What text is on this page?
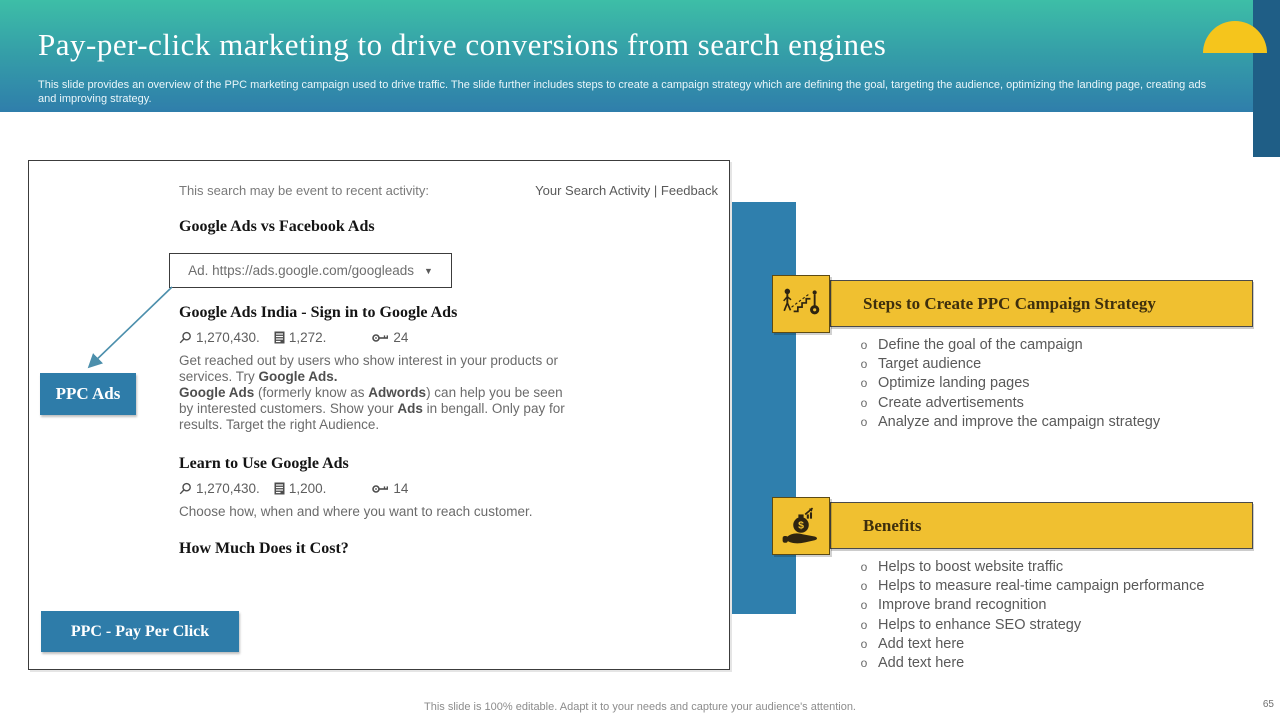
Pay-per-click marketing to drive conversions from search engines
This slide provides an overview of the PPC marketing campaign used to drive traffic. The slide further includes steps to create a campaign strategy which are defining the goal, targeting the audience, optimizing the landing page, creating ads and improving strategy.
This search may be event to recent activity:	Your Search Activity | Feedback
Google Ads vs Facebook Ads
Ad. https://ads.google.com/googleads ▼
Google Ads India - Sign in to Google Ads
1,270,430. 1,272.	24
Get reached out by users who show interest in your products or services. Try Google Ads.
Google Ads (formerly know as Adwords) can help you be seen by interested customers. Show your Ads in bengall. Only pay for results. Target the right Audience.
Learn to Use Google Ads
1,270,430. 1,200.	14
Choose how, when and where you want to reach customer.
How Much Does it Cost?
PPC Ads
PPC - Pay Per Click
Steps to Create PPC Campaign Strategy
o Define the goal of the campaign
o Target audience
o Optimize landing pages
o Create advertisements
o Analyze and improve the campaign strategy
$	Benefits
o Helps to boost website traffic
o Helps to measure real-time campaign performance
o Improve brand recognition
o Helps to enhance SEO strategy
o Add text here
o Add text here
This slide is 100% editable. Adapt it to your needs and capture your audience's attention.	65
